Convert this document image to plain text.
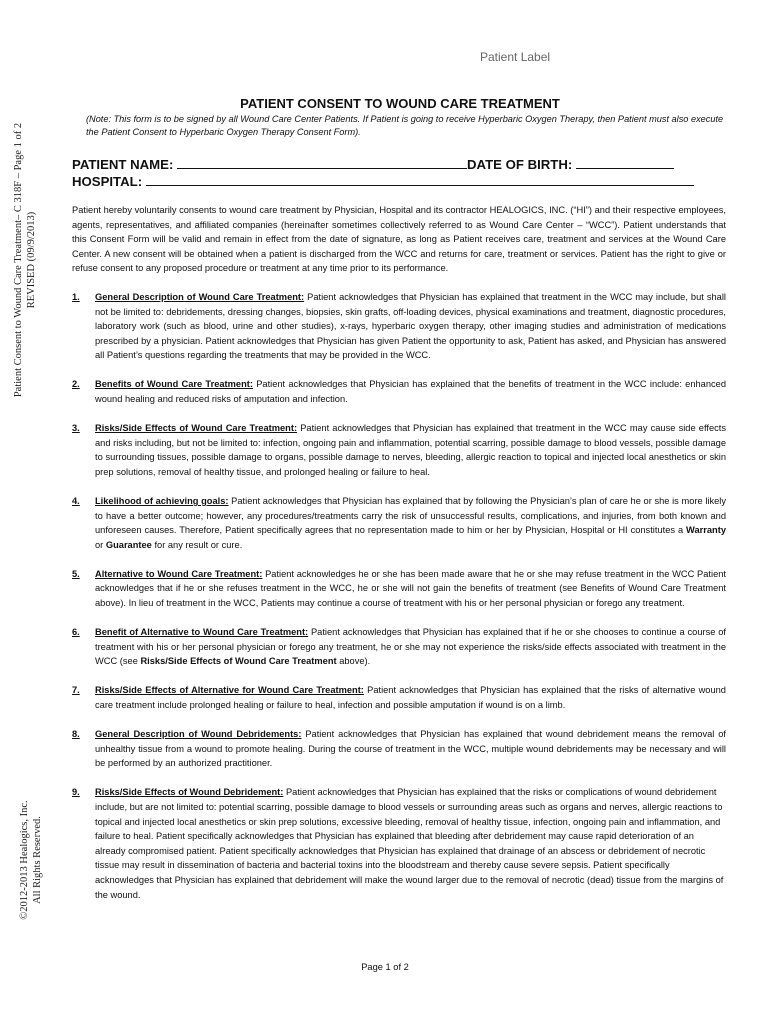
Patient Label
Patient Consent to Wound Care Treatment– C 318F – Page 1 of 2 REVISED (09/9/2013)
©2012-2013 Healogics, Inc. All Rights Reserved.
PATIENT CONSENT TO WOUND CARE TREATMENT
(Note: This form is to be signed by all Wound Care Center Patients. If Patient is going to receive Hyperbaric Oxygen Therapy, then Patient must also execute the Patient Consent to Hyperbaric Oxygen Therapy Consent Form).
PATIENT NAME:	DATE OF BIRTH:
HOSPITAL:

Patient hereby voluntarily consents to wound care treatment by Physician, Hospital and its contractor HEALOGICS, INC. (“HI”) and their respective employees, agents, representatives, and affiliated companies (hereinafter sometimes collectively referred to as Wound Care Center – “WCC”). Patient understands that this Consent Form will be valid and remain in effect from the date of signature, as long as Patient receives care, treatment and services at the Wound Care Center. A new consent will be obtained when a patient is discharged from the WCC and returns for care, treatment or services. Patient has the right to give or refuse consent to any proposed procedure or treatment at any time prior to its performance.

1.	General Description of Wound Care Treatment: Patient acknowledges that Physician has explained that treatment in the WCC may include, but shall not be limited to: debridements, dressing changes, biopsies, skin grafts, off-loading devices, physical examinations and treatment, diagnostic procedures, laboratory work (such as blood, urine and other studies), x-rays, hyperbaric oxygen therapy, other imaging studies and administration of medications prescribed by a physician. Patient acknowledges that Physician has given Patient the opportunity to ask, Patient has asked, and Physician has answered all Patient’s questions regarding the treatments that may be provided in the WCC.
2.	Benefits of Wound Care Treatment: Patient acknowledges that Physician has explained that the benefits of treatment in the WCC include: enhanced wound healing and reduced risks of amputation and infection.
3.	Risks/Side Effects of Wound Care Treatment: Patient acknowledges that Physician has explained that treatment in the WCC may cause side effects and risks including, but not be limited to: infection, ongoing pain and inflammation, potential scarring, possible damage to blood vessels, possible damage to surrounding tissues, possible damage to organs, possible damage to nerves, bleeding, allergic reaction to topical and injected local anesthetics or skin prep solutions, removal of healthy tissue, and prolonged healing or failure to heal.
4.	Likelihood of achieving goals: Patient acknowledges that Physician has explained that by following the Physician’s plan of care he or she is more likely to have a better outcome; however, any procedures/treatments carry the risk of unsuccessful results, complications, and injuries, from both known and unforeseen causes. Therefore, Patient specifically agrees that no representation made to him or her by Physician, Hospital or HI constitutes a Warranty or Guarantee for any result or cure.
5.	Alternative to Wound Care Treatment: Patient acknowledges he or she has been made aware that he or she may refuse treatment in the WCC Patient acknowledges that if he or she refuses treatment in the WCC, he or she will not gain the benefits of treatment (see Benefits of Wound Care Treatment above). In lieu of treatment in the WCC, Patients may continue a course of treatment with his or her personal physician or forego any treatment.
6.	Benefit of Alternative to Wound Care Treatment: Patient acknowledges that Physician has explained that if he or she chooses to continue a course of treatment with his or her personal physician or forego any treatment, he or she may not experience the risks/side effects associated with treatment in the WCC (see Risks/Side Effects of Wound Care Treatment above).
7.	Risks/Side Effects of Alternative for Wound Care Treatment: Patient acknowledges that Physician has explained that the risks of alternative wound care treatment include prolonged healing or failure to heal, infection and possible amputation if wound is on a limb.
8.	General Description of Wound Debridements: Patient acknowledges that Physician has explained that wound debridement means the removal of unhealthy tissue from a wound to promote healing. During the course of treatment in the WCC, multiple wound debridements may be necessary and will be performed by an authorized practitioner.
9.	Risks/Side Effects of Wound Debridement: Patient acknowledges that Physician has explained that the risks or complications of wound debridement include, but are not limited to: potential scarring, possible damage to blood vessels or surrounding areas such as organs and nerves, allergic reactions to topical and injected local anesthetics or skin prep solutions, excessive bleeding, removal of healthy tissue, infection, ongoing pain and inflammation, and failure to heal. Patient specifically acknowledges that Physician has explained that bleeding after debridement may cause rapid deterioration of an already compromised patient. Patient specifically acknowledges that Physician has explained that drainage of an abscess or debridement of necrotic tissue may result in dissemination of bacteria and bacterial toxins into the bloodstream and thereby cause severe sepsis. Patient specifically acknowledges that Physician has explained that debridement will make the wound larger due to the removal of necrotic (dead) tissue from the margins of the wound.
Page 1 of 2
